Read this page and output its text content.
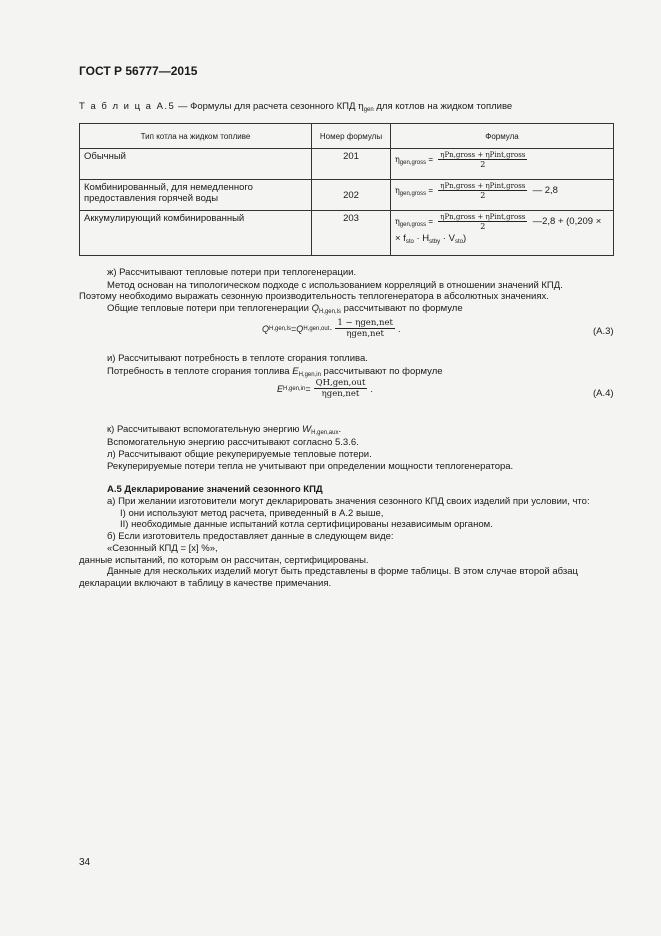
ГОСТ Р 56777—2015
Т а б л и ц а А.5 — Формулы для расчета сезонного КПД $\eta_{gen}$ для котлов на жидком топливе
Тип котла на жидком топливе	Номер формулы	Формула
Обычный	201	$\eta_{gen,gross} = \frac{\text{ηPn,gross + ηPint,gross}}{2}$

Комбинированный, для немедленного предоставления горячей воды	202	$\eta_{gen,gross} = \frac{\text{ηPn,gross + ηPint,gross}}{2}$ — 2,8
Аккумулирующий комбинированный	203	$\eta_{gen,gross} = \frac{\text{ηPn,gross + ηPint,gross}}{2}$ —2,8 + (0,209 ×
× $f_{sto} \cdot H_{stby} \cdot V_{sto}$)
ж) Рассчитывают тепловые потери при теплогенерации.
Метод основан на типологическом подходе с использованием корреляций в отношении значений КПД.
Поэтому необходимо выражать сезонную производительность теплогенератора в абсолютных значениях.
Общие тепловые потери при теплогенерации $Q_{H,gen,ls}$ рассчитывают по формуле
Q H,gen,ls = Q $H,gen,out \cdot \frac{\text{1 − ηgen,net}}{\text{ηgen,net}}$ .	(А.3)
и) Рассчитывают потребность в теплоте сгорания топлива.
Потребность в теплоте сгорания топлива $E_{H,gen,in}$ рассчитывают по формуле
E $H,gen,in = \frac{\text{QH,gen,out}}{\text{ηgen,net}}$ .	(А.4)
к) Рассчитывают вспомогательную энергию $W_{H,gen,aux}$.
Вспомогательную энергию рассчитывают согласно 5.3.6.
л) Рассчитывают общие рекуперируемые тепловые потери.
Рекуперируемые потери тепла не учитывают при определении мощности теплогенератора.
А.5 Декларирование значений сезонного КПД
а) При желании изготовители могут декларировать значения сезонного КПД своих изделий при условии, что:
I) они используют метод расчета, приведенный в А.2 выше,
II) необходимые данные испытаний котла сертифицированы независимым органом.
б) Если изготовитель предоставляет данные в следующем виде:
«Сезонный КПД = [x] %»,
данные испытаний, по которым он рассчитан, сертифицированы.
Данные для нескольких изделий могут быть представлены в форме таблицы. В этом случае второй абзац
декларации включают в таблицу в качестве примечания.
34
